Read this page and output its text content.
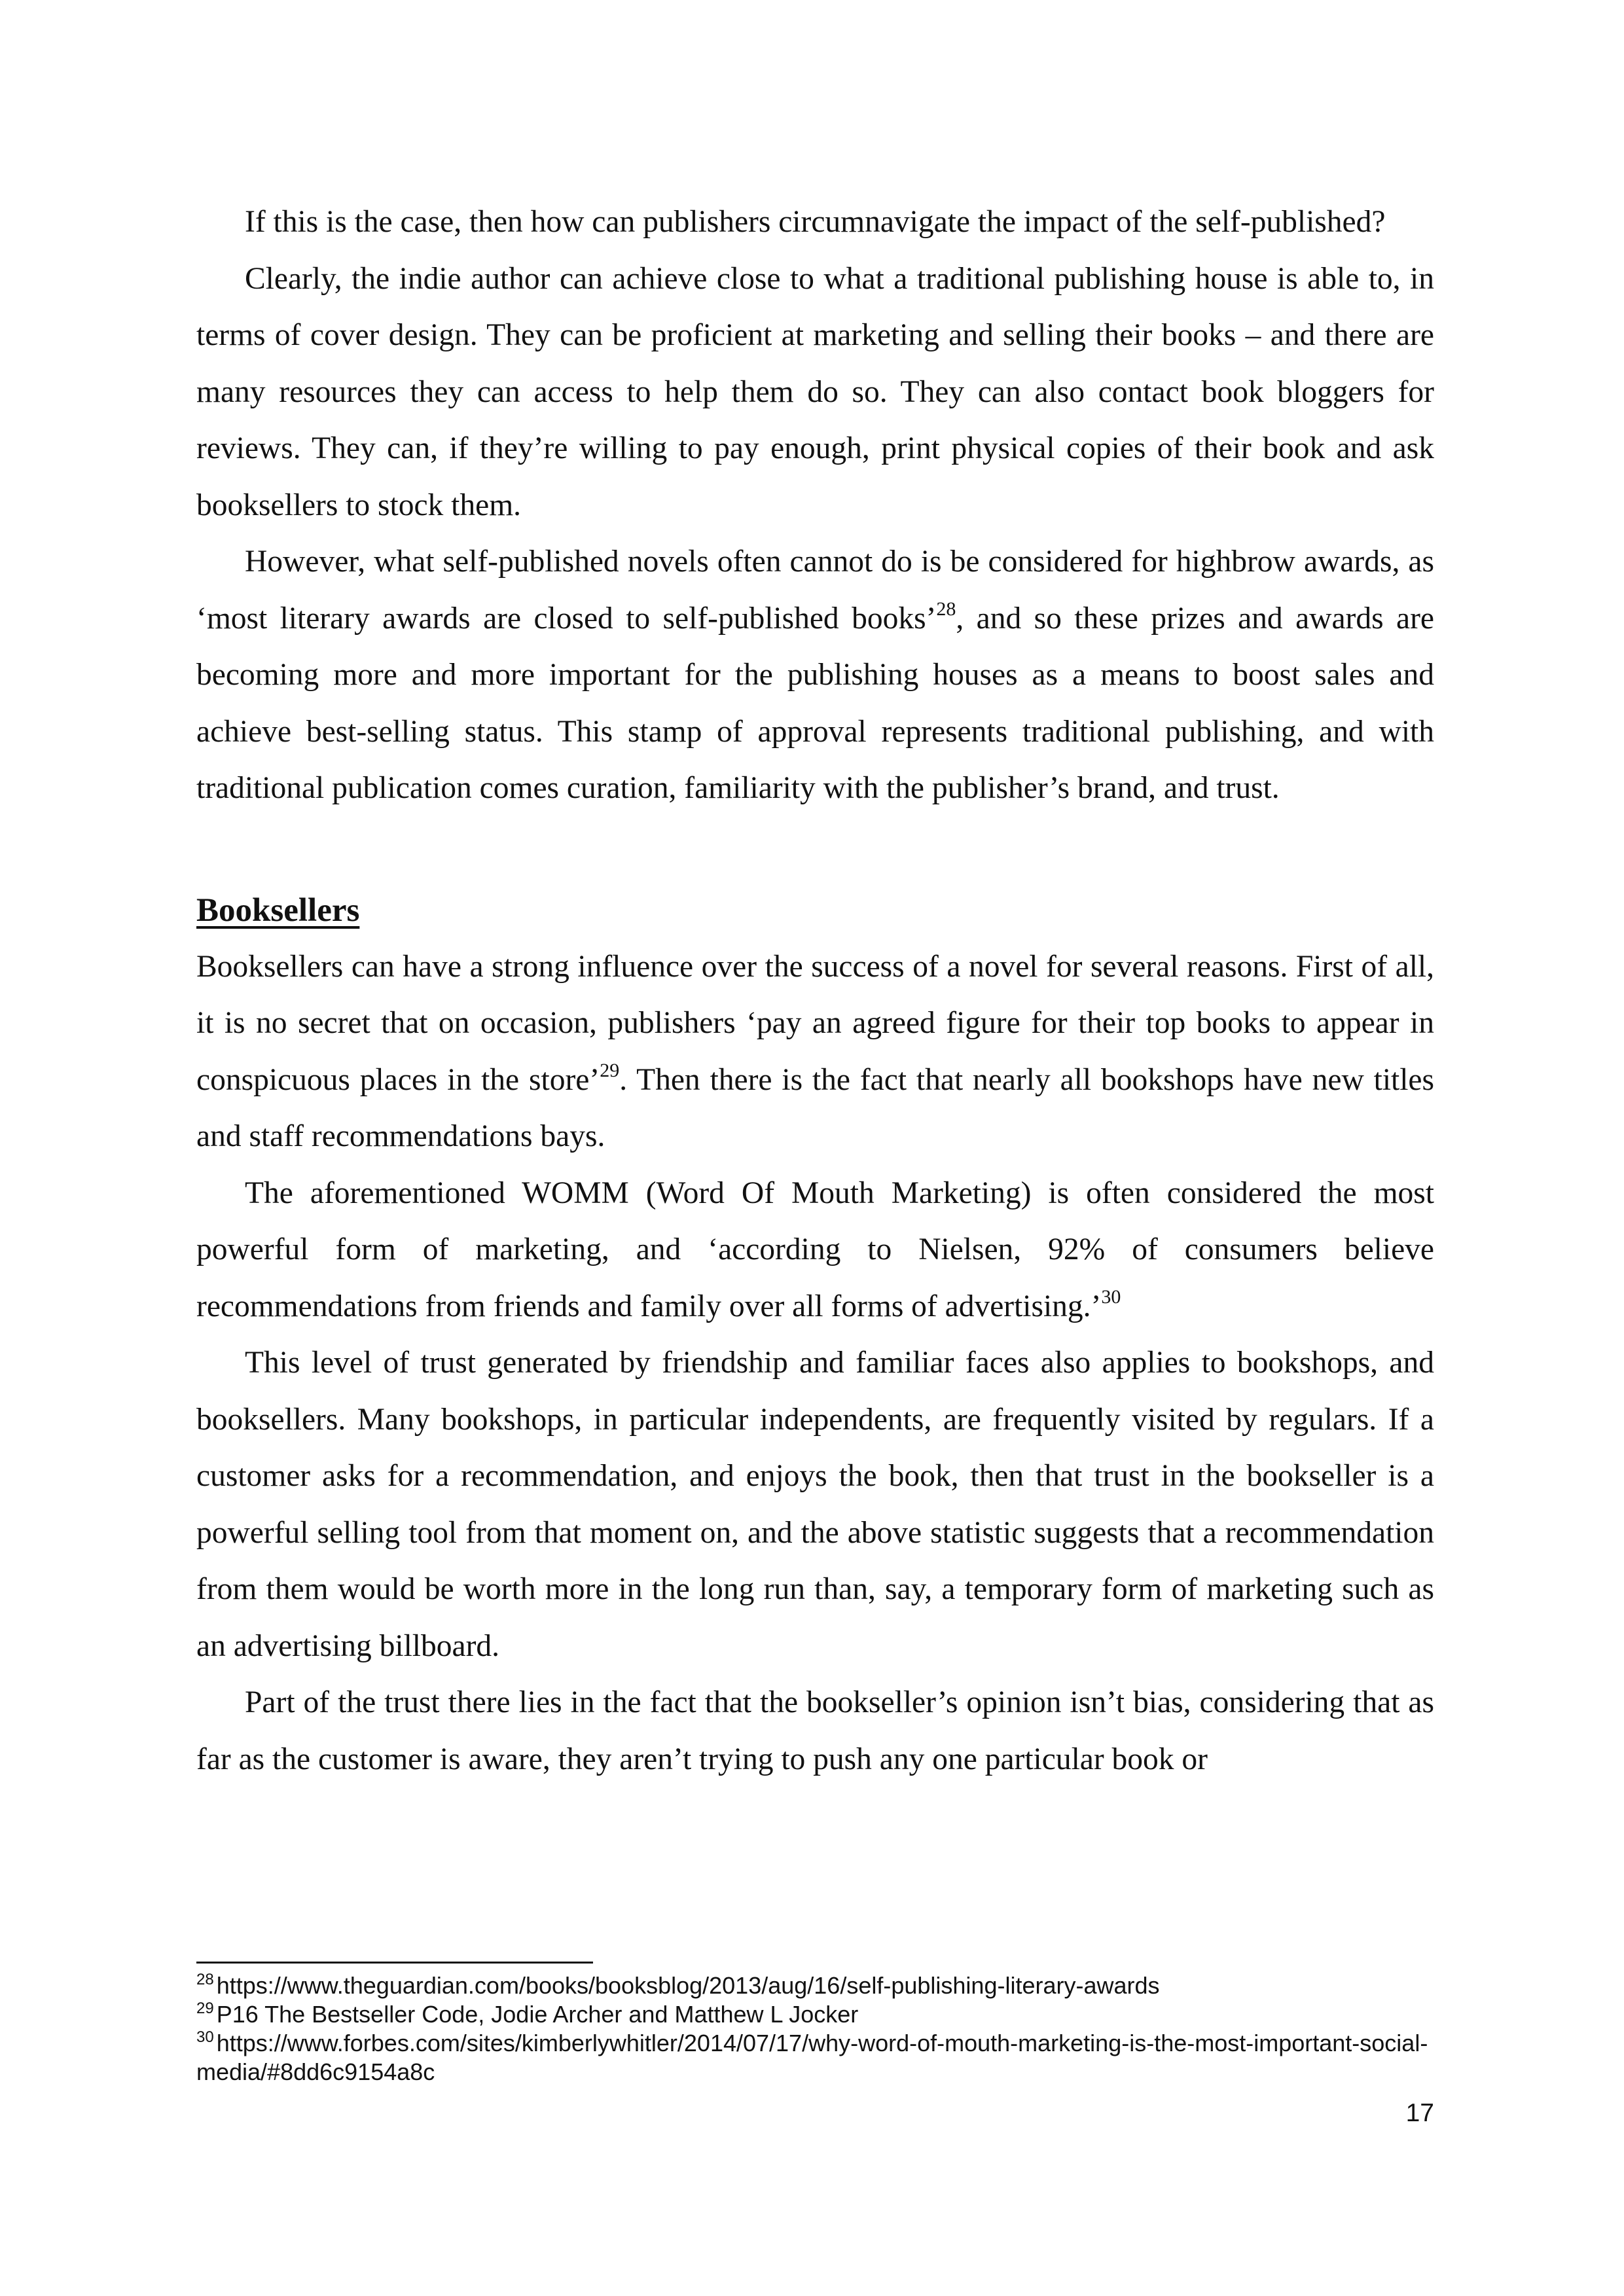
If this is the case, then how can publishers circumnavigate the impact of the self-published?

Clearly, the indie author can achieve close to what a traditional publishing house is able to, in terms of cover design. They can be proficient at marketing and selling their books – and there are many resources they can access to help them do so. They can also contact book bloggers for reviews. They can, if they’re willing to pay enough, print physical copies of their book and ask booksellers to stock them.

However, what self-published novels often cannot do is be considered for highbrow awards, as ‘most literary awards are closed to self-published books’$^{28}$, and so these prizes and awards are becoming more and more important for the publishing houses as a means to boost sales and achieve best-selling status. This stamp of approval represents traditional publishing, and with traditional publication comes curation, familiarity with the publisher’s brand, and trust.

Booksellers

Booksellers can have a strong influence over the success of a novel for several reasons. First of all, it is no secret that on occasion, publishers ‘pay an agreed figure for their top books to appear in conspicuous places in the store’$^{29}$. Then there is the fact that nearly all bookshops have new titles and staff recommendations bays.

The aforementioned WOMM (Word Of Mouth Marketing) is often considered the most powerful form of marketing, and ‘according to Nielsen, 92% of consumers believe recommendations from friends and family over all forms of advertising.’$^{30}$

This level of trust generated by friendship and familiar faces also applies to bookshops, and booksellers. Many bookshops, in particular independents, are frequently visited by regulars. If a customer asks for a recommendation, and enjoys the book, then that trust in the bookseller is a powerful selling tool from that moment on, and the above statistic suggests that a recommendation from them would be worth more in the long run than, say, a temporary form of marketing such as an advertising billboard.

Part of the trust there lies in the fact that the bookseller’s opinion isn’t bias, considering that as far as the customer is aware, they aren’t trying to push any one particular book or

$^{28}$ https://www.theguardian.com/books/booksblog/2013/aug/16/self-publishing-literary-awards

$^{29}$ P16 The Bestseller Code, Jodie Archer and Matthew L Jocker

$^{30}$ https://www.forbes.com/sites/kimberlywhitler/2014/07/17/why-word-of-mouth-marketing-is-the-most-important-social-media/#8dd6c9154a8c

17
